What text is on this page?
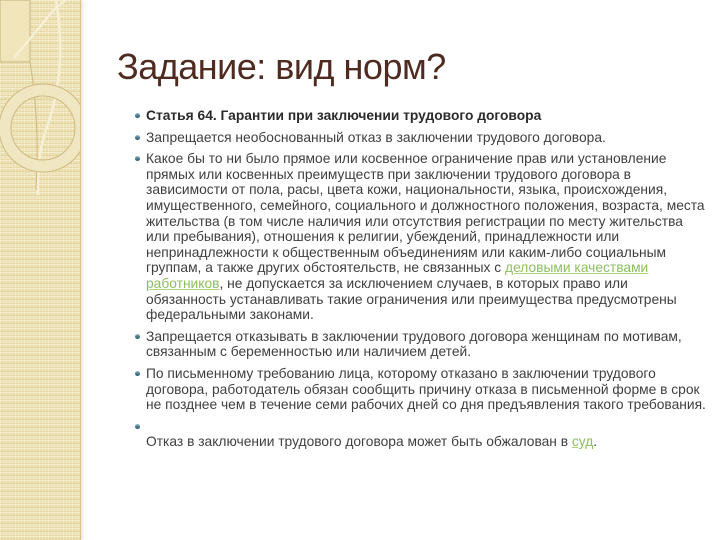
Задание: вид норм?
Статья 64. Гарантии при заключении трудового договора
Запрещается необоснованный отказ в заключении трудового договора.
Какое бы то ни было прямое или косвенное ограничение прав или установление прямых или косвенных преимуществ при заключении трудового договора в зависимости от пола, расы, цвета кожи, национальности, языка, происхождения, имущественного, семейного, социального и должностного положения, возраста, места жительства (в том числе наличия или отсутствия регистрации по месту жительства или пребывания), отношения к религии, убеждений, принадлежности или непринадлежности к общественным объединениям или каким-либо социальным группам, а также других обстоятельств, не связанных с деловыми качествами работников, не допускается за исключением случаев, в которых право или обязанность устанавливать такие ограничения или преимущества предусмотрены федеральными законами.
Запрещается отказывать в заключении трудового договора женщинам по мотивам, связанным с беременностью или наличием детей.
По письменному требованию лица, которому отказано в заключении трудового договора, работодатель обязан сообщить причину отказа в письменной форме в срок не позднее чем в течение семи рабочих дней со дня предъявления такого требования.

Отказ в заключении трудового договора может быть обжалован в суд.
